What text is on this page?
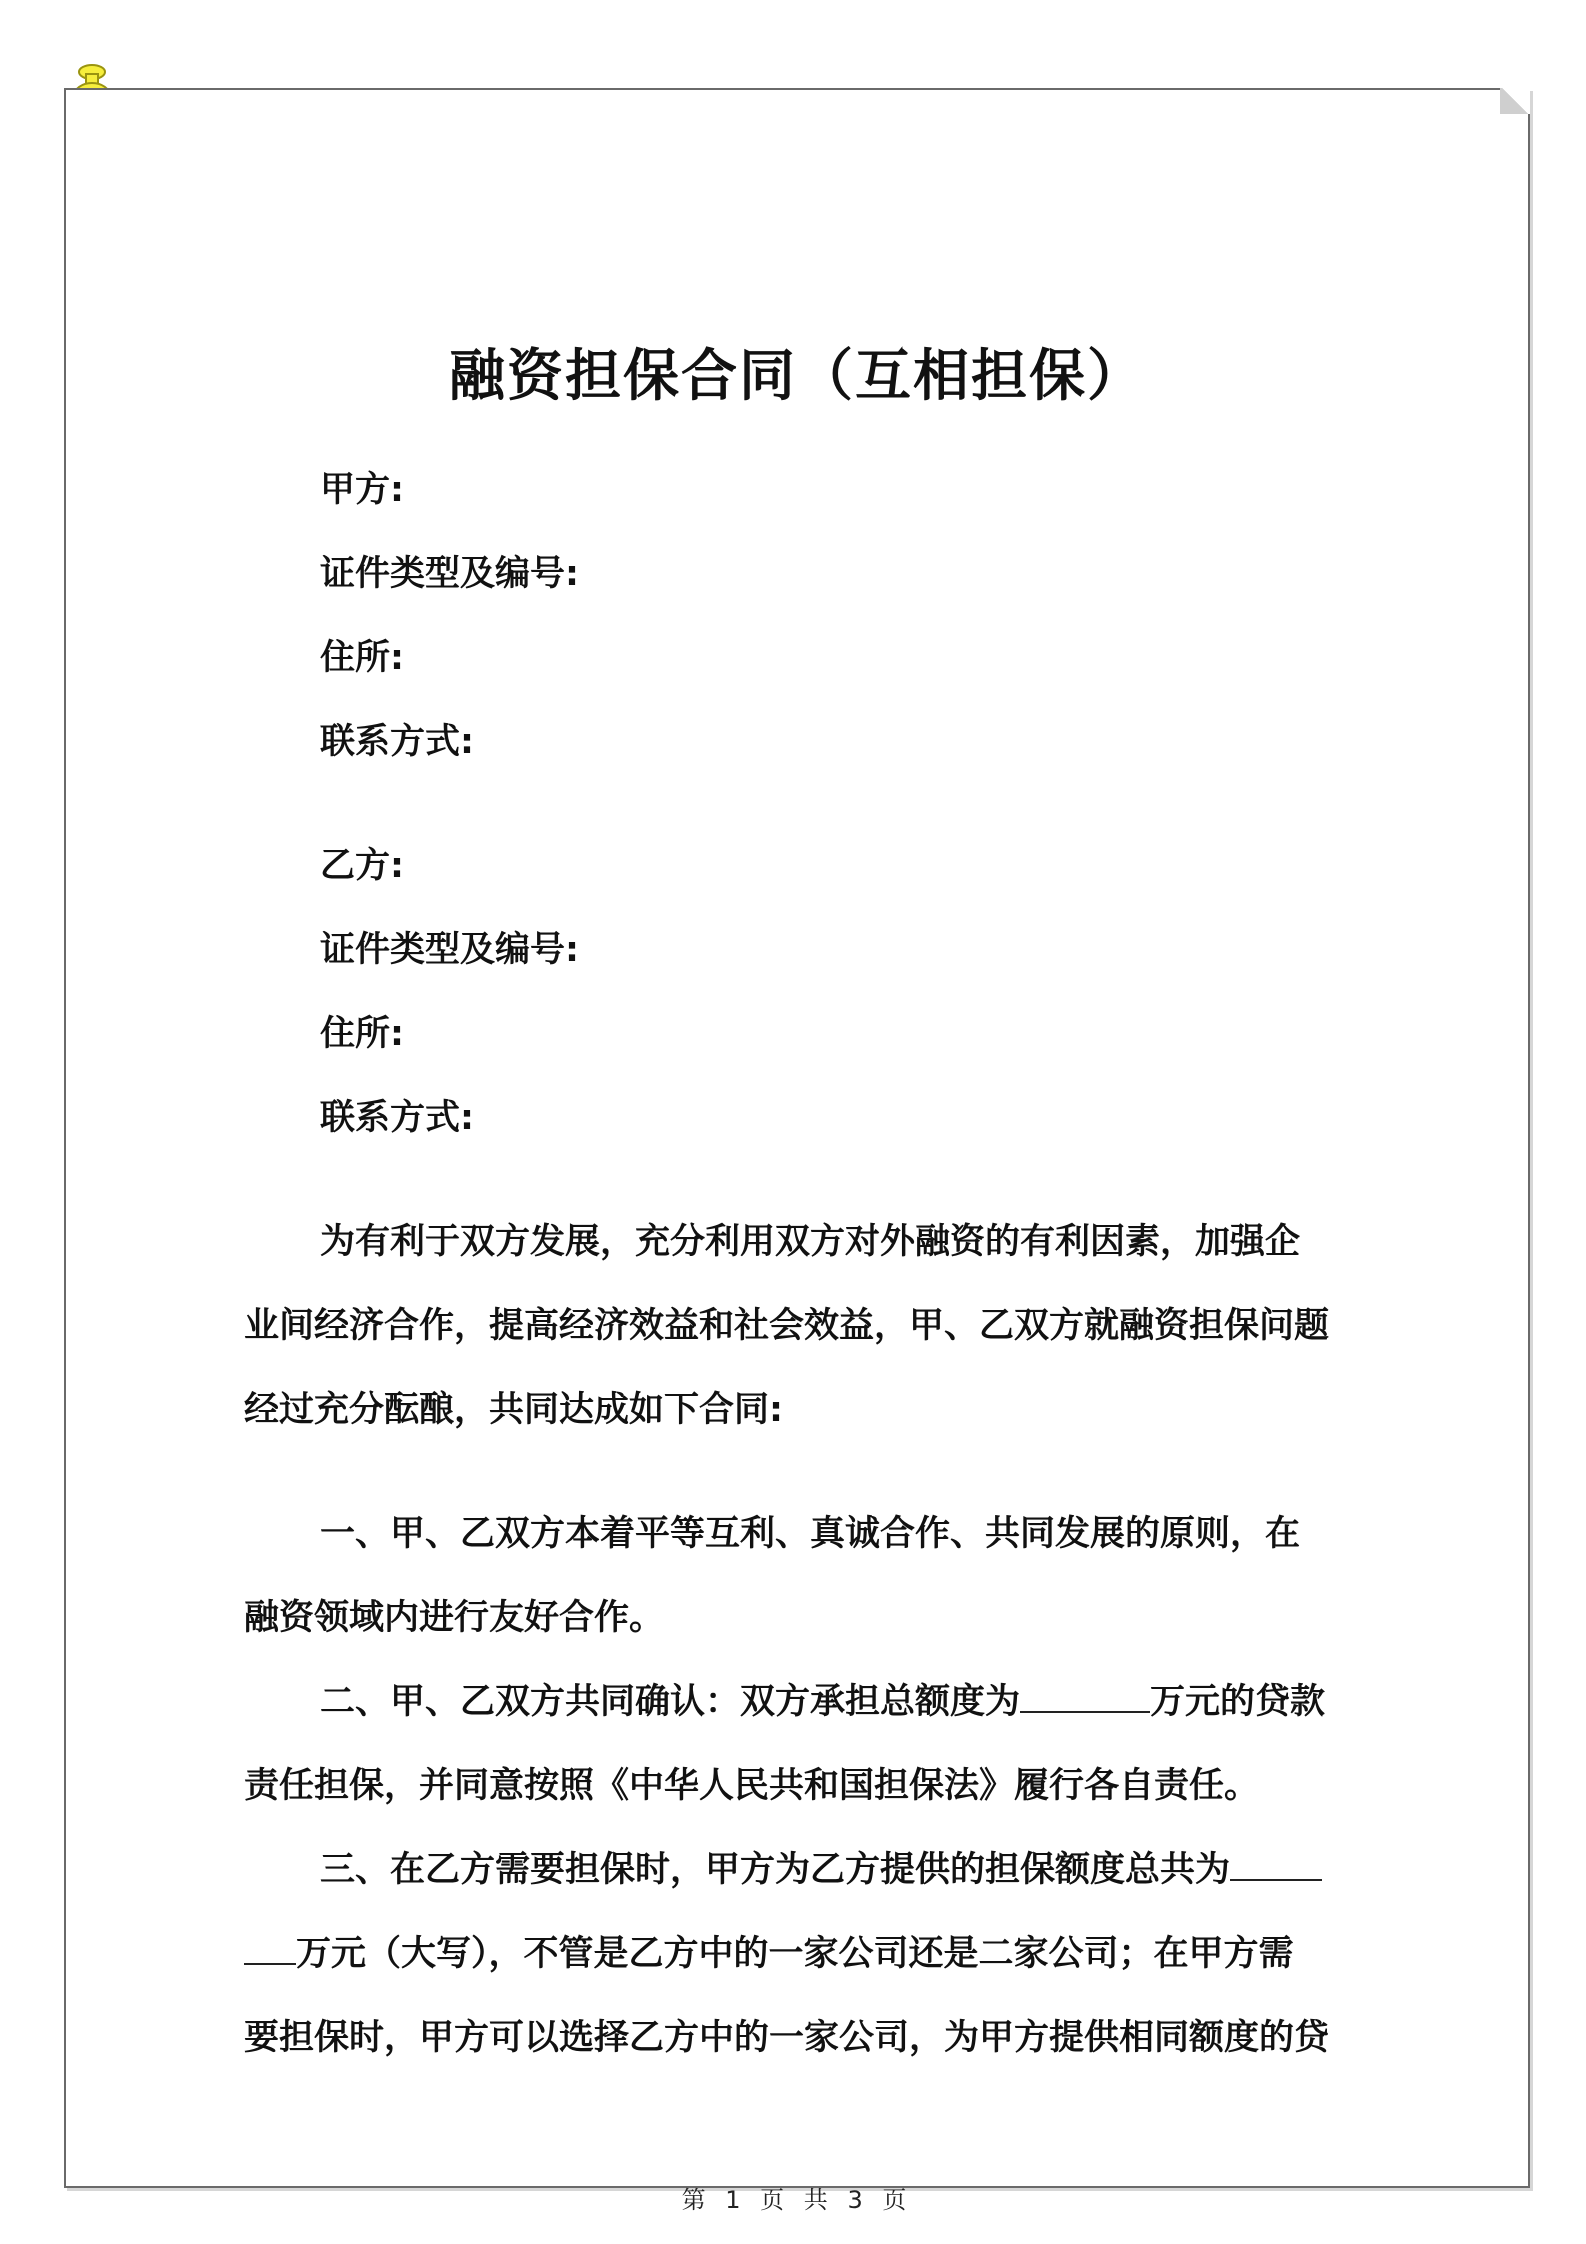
融资担保合同（互相担保）
甲方:
证件类型及编号:
住所:
联系方式:
乙方:
证件类型及编号:
住所:
联系方式:
为有利于双方发展，充分利用双方对外融资的有利因素，加强企
业间经济合作，提高经济效益和社会效益，甲、乙双方就融资担保问题
经过充分酝酿，共同达成如下合同:
一、甲、乙双方本着平等互利、真诚合作、共同发展的原则，在
融资领域内进行友好合作。
二、甲、乙双方共同确认：双方承担总额度为	万元的贷款
责任担保，并同意按照《中华人民共和国担保法》履行各自责任。
三、在乙方需要担保时，甲方为乙方提供的担保额度总共为
万元（大写），不管是乙方中的一家公司还是二家公司；在甲方需
要担保时，甲方可以选择乙方中的一家公司，为甲方提供相同额度的贷
第 1 页 共 3 页
